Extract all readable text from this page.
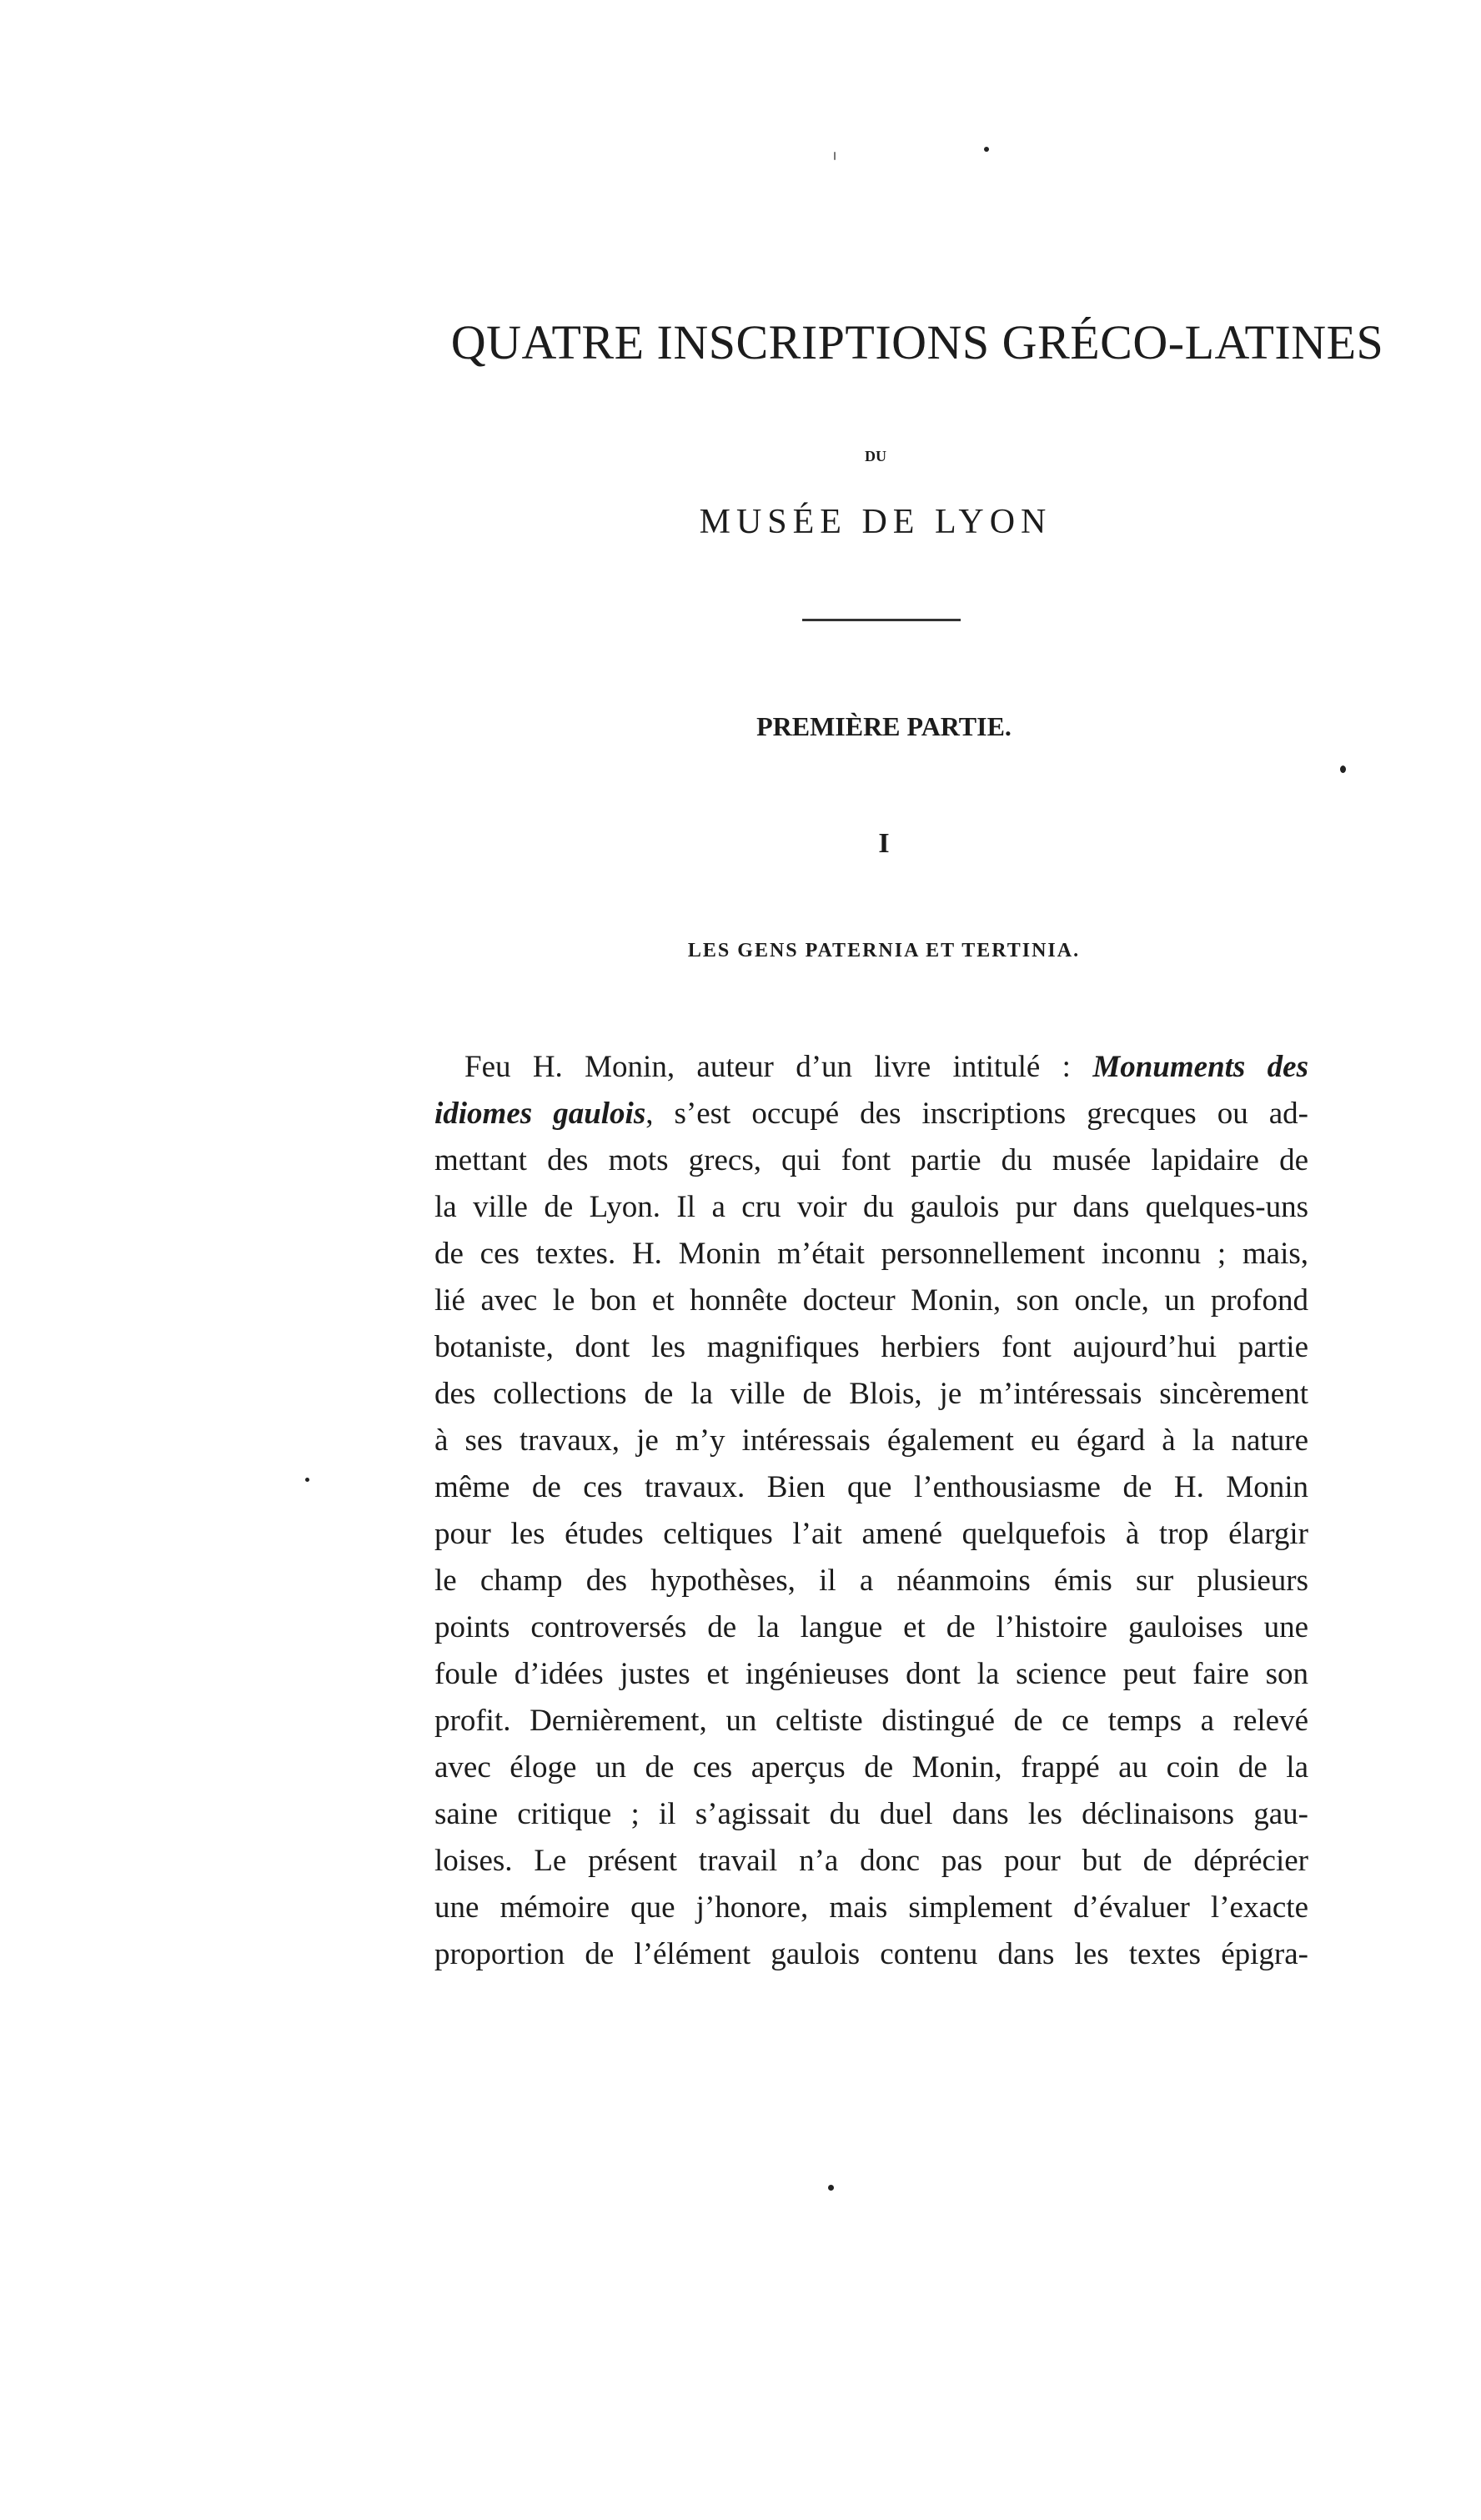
QUATRE INSCRIPTIONS GRÉCO-LATINES
DU
MUSÉE DE LYON
PREMIÈRE PARTIE.
I
LES GENS PATERNIA ET TERTINIA.
Feu H. Monin, auteur d’un livre intitulé : Monuments des
idiomes gaulois, s’est occupé des inscriptions grecques ou ad-
mettant des mots grecs, qui font partie du musée lapidaire de
la ville de Lyon. Il a cru voir du gaulois pur dans quelques-uns
de ces textes. H. Monin m’était personnellement inconnu ; mais,
lié avec le bon et honnête docteur Monin, son oncle, un profond
botaniste, dont les magnifiques herbiers font aujourd’hui partie
des collections de la ville de Blois, je m’intéressais sincèrement
à ses travaux, je m’y intéressais également eu égard à la nature
même de ces travaux. Bien que l’enthousiasme de H. Monin
pour les études celtiques l’ait amené quelquefois à trop élargir
le champ des hypothèses, il a néanmoins émis sur plusieurs
points controversés de la langue et de l’histoire gauloises une
foule d’idées justes et ingénieuses dont la science peut faire son
profit. Dernièrement, un celtiste distingué de ce temps a relevé
avec éloge un de ces aperçus de Monin, frappé au coin de la
saine critique ; il s’agissait du duel dans les déclinaisons gau-
loises. Le présent travail n’a donc pas pour but de déprécier
une mémoire que j’honore, mais simplement d’évaluer l’exacte
proportion de l’élément gaulois contenu dans les textes épigra-
